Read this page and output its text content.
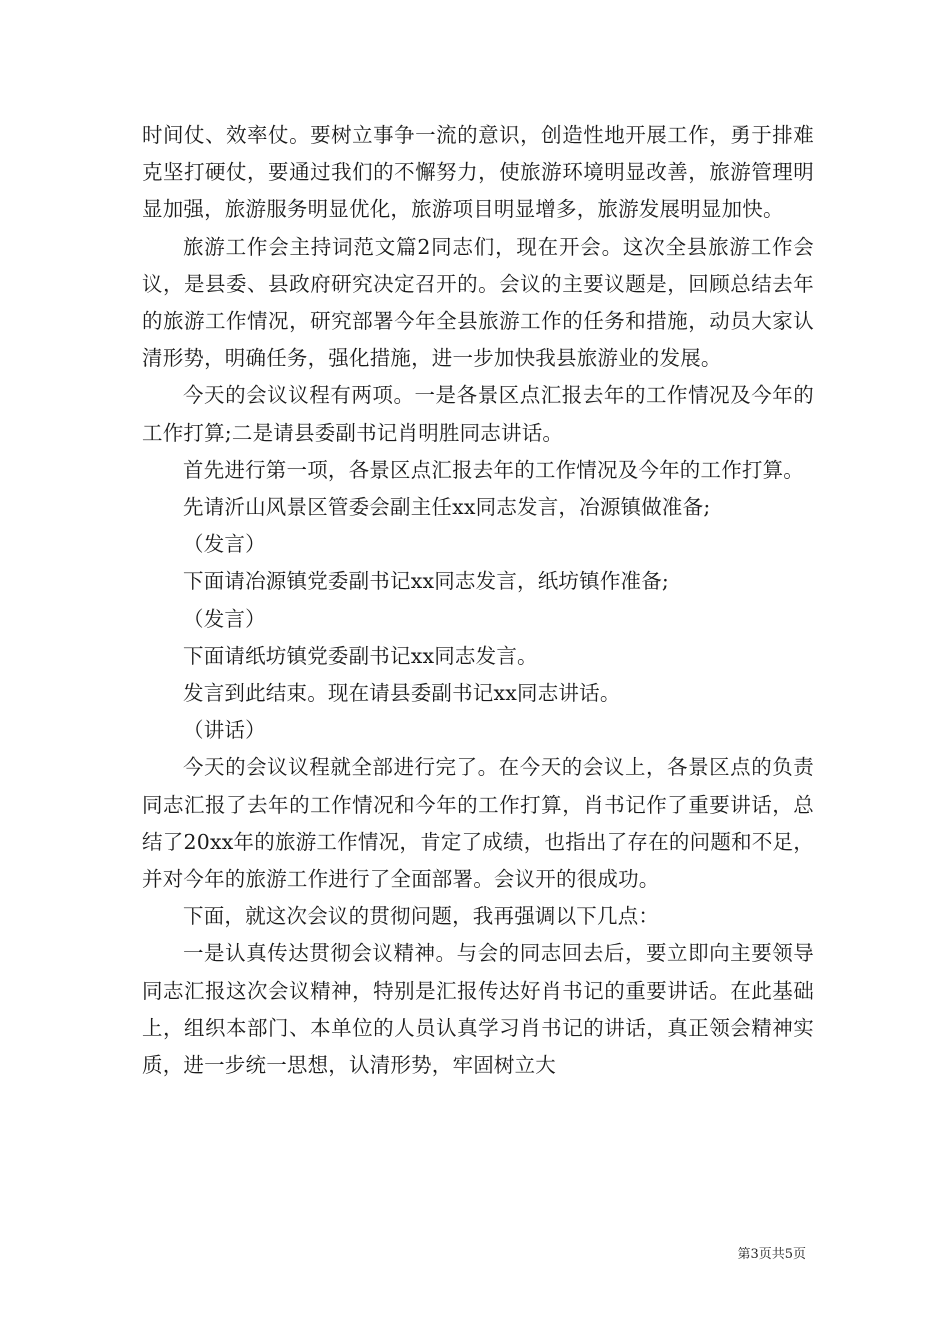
时间仗、效率仗。要树立事争一流的意识，创造性地开展工作，勇于排难克坚打硬仗，要通过我们的不懈努力，使旅游环境明显改善，旅游管理明显加强，旅游服务明显优化，旅游项目明显增多，旅游发展明显加快。

旅游工作会主持词范文篇2同志们，现在开会。这次全县旅游工作会议，是县委、县政府研究决定召开的。会议的主要议题是，回顾总结去年的旅游工作情况，研究部署今年全县旅游工作的任务和措施，动员大家认清形势，明确任务，强化措施，进一步加快我县旅游业的发展。

今天的会议议程有两项。一是各景区点汇报去年的工作情况及今年的工作打算;二是请县委副书记肖明胜同志讲话。

首先进行第一项，各景区点汇报去年的工作情况及今年的工作打算。

先请沂山风景区管委会副主任xx同志发言，冶源镇做准备;

（发言）

下面请冶源镇党委副书记xx同志发言，纸坊镇作准备;

（发言）

下面请纸坊镇党委副书记xx同志发言。

发言到此结束。现在请县委副书记xx同志讲话。

（讲话）

今天的会议议程就全部进行完了。在今天的会议上，各景区点的负责同志汇报了去年的工作情况和今年的工作打算，肖书记作了重要讲话，总结了20xx年的旅游工作情况，肯定了成绩，也指出了存在的问题和不足，并对今年的旅游工作进行了全面部署。会议开的很成功。

下面，就这次会议的贯彻问题，我再强调以下几点：

一是认真传达贯彻会议精神。与会的同志回去后，要立即向主要领导同志汇报这次会议精神，特别是汇报传达好肖书记的重要讲话。在此基础上，组织本部门、本单位的人员认真学习肖书记的讲话，真正领会精神实质，进一步统一思想，认清形势，牢固树立大

第3页共5页
